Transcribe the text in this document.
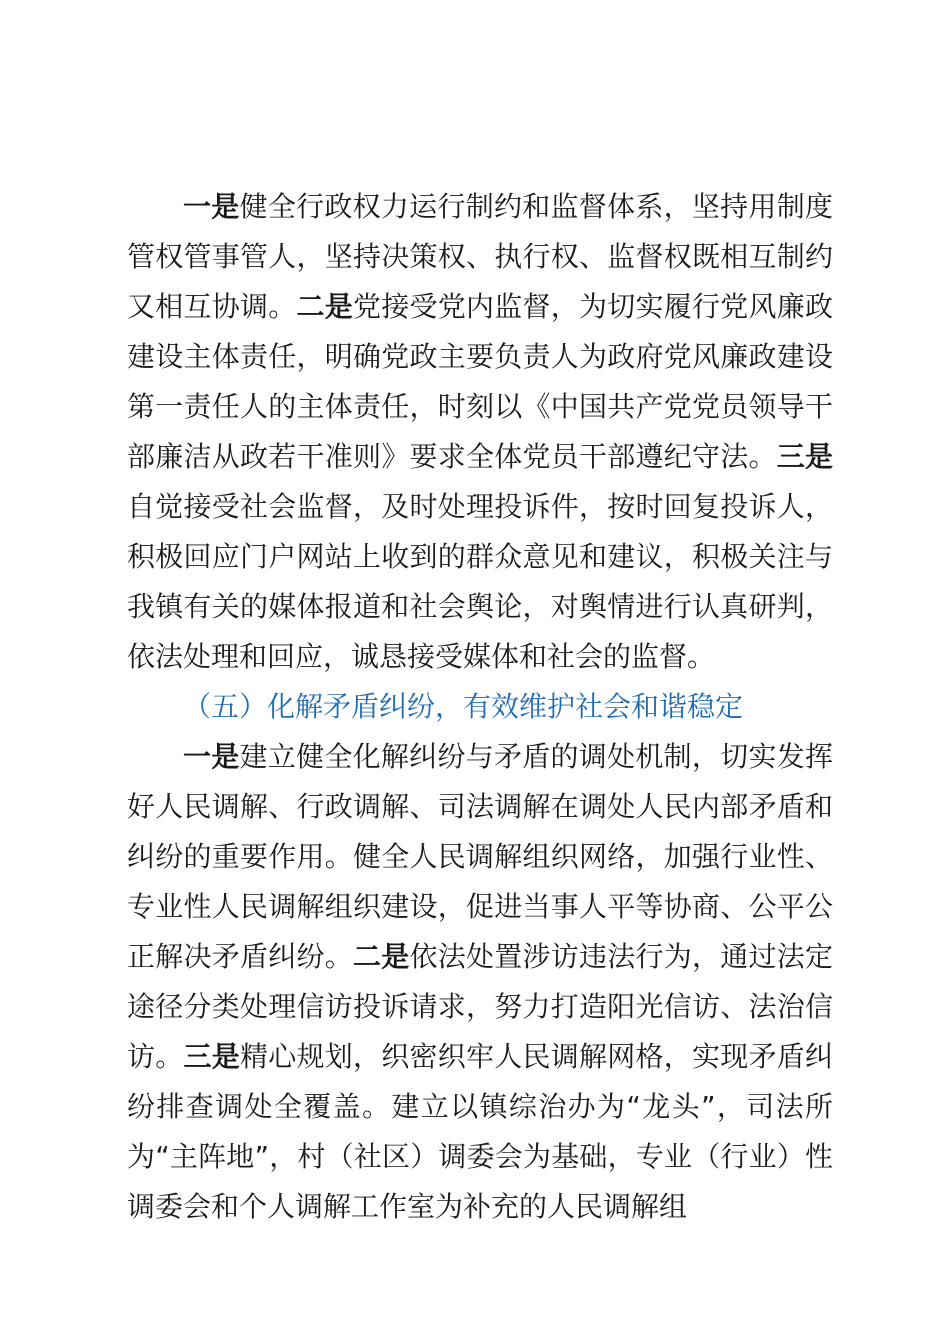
一是健全行政权力运行制约和监督体系，坚持用制度管权管事管人，坚持决策权、执行权、监督权既相互制约又相互协调。二是党接受党内监督，为切实履行党风廉政建设主体责任，明确党政主要负责人为政府党风廉政建设第一责任人的主体责任，时刻以《中国共产党党员领导干部廉洁从政若干准则》要求全体党员干部遵纪守法。三是自觉接受社会监督，及时处理投诉件，按时回复投诉人，积极回应门户网站上收到的群众意见和建议，积极关注与我镇有关的媒体报道和社会舆论，对舆情进行认真研判，依法处理和回应，诚恳接受媒体和社会的监督。

（五）化解矛盾纠纷，有效维护社会和谐稳定

一是建立健全化解纠纷与矛盾的调处机制，切实发挥好人民调解、行政调解、司法调解在调处人民内部矛盾和纠纷的重要作用。健全人民调解组织网络，加强行业性、专业性人民调解组织建设，促进当事人平等协商、公平公正解决矛盾纠纷。二是依法处置涉访违法行为，通过法定途径分类处理信访投诉请求，努力打造阳光信访、法治信访。三是精心规划，织密织牢人民调解网格，实现矛盾纠纷排查调处全覆盖。建立以镇综治办为“龙头”，司法所为“主阵地”，村（社区）调委会为基础，专业（行业）性调委会和个人调解工作室为补充的人民调解组
